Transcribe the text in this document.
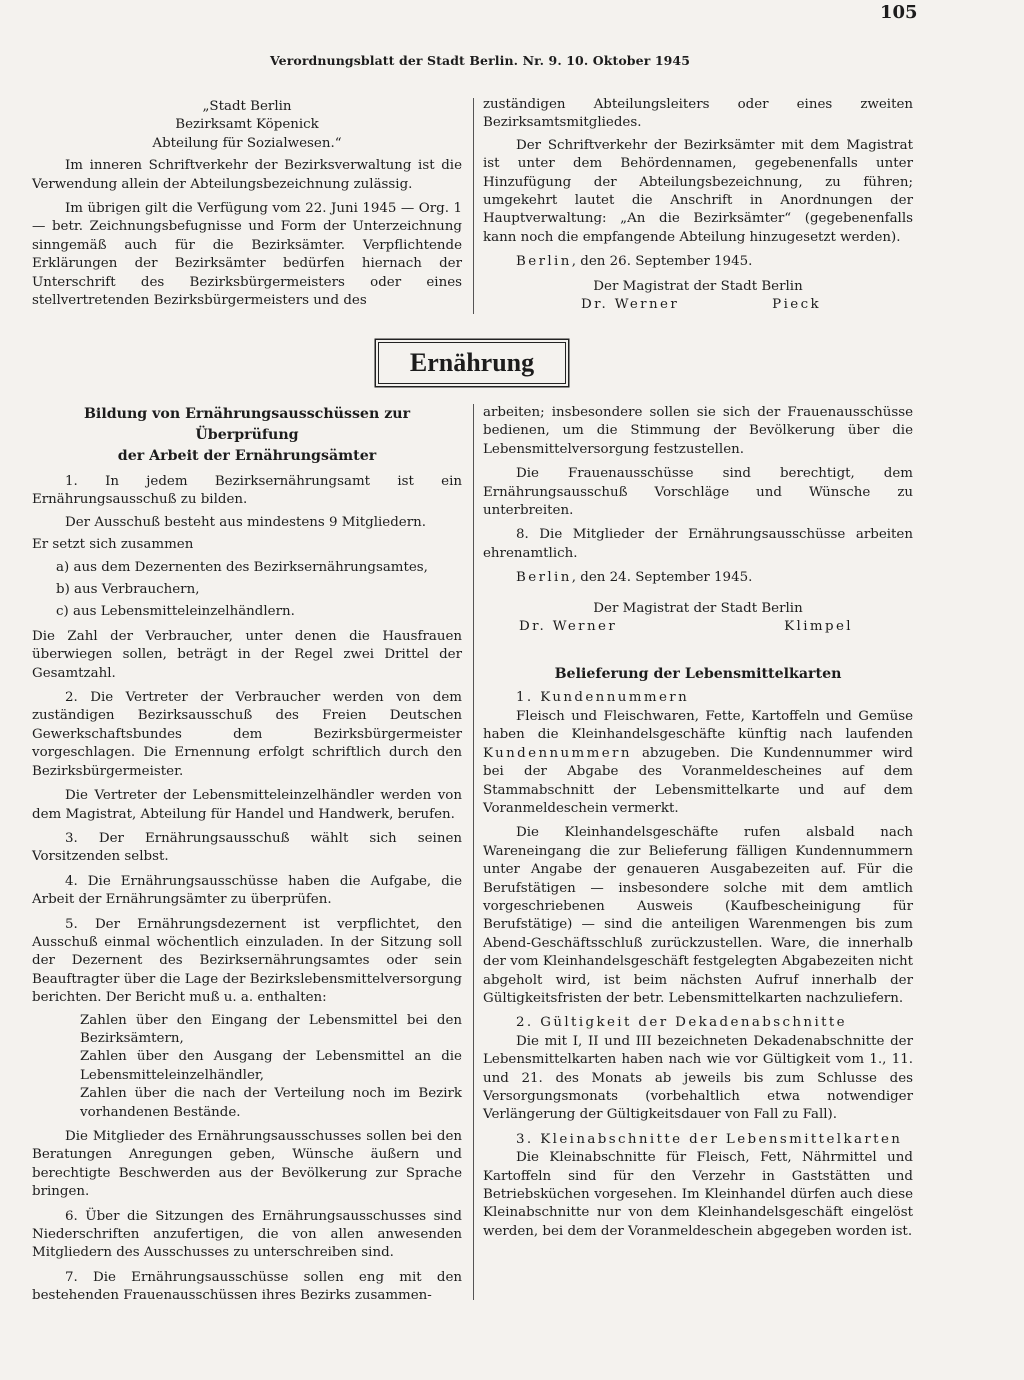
105
Verordnungsblatt der Stadt Berlin. Nr. 9. 10. Oktober 1945

„Stadt Berlin

Bezirksamt Köpenick

Abteilung für Sozialwesen.“

Im inneren Schriftverkehr der Bezirksverwaltung ist die Verwendung allein der Abteilungsbezeichnung zulässig.

Im übrigen gilt die Verfügung vom 22. Juni 1945 — Org. 1 — betr. Zeichnungsbefugnisse und Form der Unterzeichnung sinngemäß auch für die Bezirksämter. Verpflichtende Erklärungen der Bezirksämter bedürfen hiernach der Unterschrift des Bezirksbürgermeisters oder eines stellvertretenden Bezirksbürgermeisters und des

zuständigen Abteilungsleiters oder eines zweiten Bezirksamtsmitgliedes.

Der Schriftverkehr der Bezirksämter mit dem Magistrat ist unter dem Behördennamen, gegebenenfalls unter Hinzufügung der Abteilungsbezeichnung, zu führen; umgekehrt lautet die Anschrift in Anordnungen der Hauptverwaltung: „An die Bezirksämter“ (gegebenenfalls kann noch die empfangende Abteilung hinzugesetzt werden).

Berlin, den 26. September 1945.

Der Magistrat der Stadt Berlin

Dr. Werner	Pieck

Ernährung

Bildung von Ernährungsausschüssen zur Überprüfung

der Arbeit der Ernährungsämter

1. In jedem Bezirksernährungsamt ist ein Ernährungsausschuß zu bilden.

Der Ausschuß besteht aus mindestens 9 Mitgliedern.

Er setzt sich zusammen

a) aus dem Dezernenten des Bezirksernährungsamtes,

b) aus Verbrauchern,

c) aus Lebensmitteleinzelhändlern.

Die Zahl der Verbraucher, unter denen die Hausfrauen überwiegen sollen, beträgt in der Regel zwei Drittel der Gesamtzahl.

2. Die Vertreter der Verbraucher werden von dem zuständigen Bezirksausschuß des Freien Deutschen Gewerkschaftsbundes dem Bezirksbürgermeister vorgeschlagen. Die Ernennung erfolgt schriftlich durch den Bezirksbürgermeister.

Die Vertreter der Lebensmitteleinzelhändler werden von dem Magistrat, Abteilung für Handel und Handwerk, berufen.

3. Der Ernährungsausschuß wählt sich seinen Vorsitzenden selbst.

4. Die Ernährungsausschüsse haben die Aufgabe, die Arbeit der Ernährungsämter zu überprüfen.

5. Der Ernährungsdezernent ist verpflichtet, den Ausschuß einmal wöchentlich einzuladen. In der Sitzung soll der Dezernent des Bezirksernährungsamtes oder sein Beauftragter über die Lage der Bezirkslebensmittelversorgung berichten. Der Bericht muß u. a. enthalten:

Zahlen über den Eingang der Lebensmittel bei den Bezirksämtern,

Zahlen über den Ausgang der Lebensmittel an die Lebensmitteleinzelhändler,

Zahlen über die nach der Verteilung noch im Bezirk vorhandenen Bestände.

Die Mitglieder des Ernährungsausschusses sollen bei den Beratungen Anregungen geben, Wünsche äußern und berechtigte Beschwerden aus der Bevölkerung zur Sprache bringen.

6. Über die Sitzungen des Ernährungsausschusses sind Niederschriften anzufertigen, die von allen anwesenden Mitgliedern des Ausschusses zu unterschreiben sind.

7. Die Ernährungsausschüsse sollen eng mit den bestehenden Frauenausschüssen ihres Bezirks zusammen-

arbeiten; insbesondere sollen sie sich der Frauenausschüsse bedienen, um die Stimmung der Bevölkerung über die Lebensmittelversorgung festzustellen.

Die Frauenausschüsse sind berechtigt, dem Ernährungsausschuß Vorschläge und Wünsche zu unterbreiten.

8. Die Mitglieder der Ernährungsausschüsse arbeiten ehrenamtlich.

Berlin, den 24. September 1945.

Der Magistrat der Stadt Berlin

Dr. Werner	Klimpel

Belieferung der Lebensmittelkarten

1. Kundennummern

Fleisch und Fleischwaren, Fette, Kartoffeln und Gemüse haben die Kleinhandelsgeschäfte künftig nach laufenden Kundennummern abzugeben. Die Kundennummer wird bei der Abgabe des Voranmeldescheines auf dem Stammabschnitt der Lebensmittelkarte und auf dem Voranmeldeschein vermerkt.

Die Kleinhandelsgeschäfte rufen alsbald nach Wareneingang die zur Belieferung fälligen Kundennummern unter Angabe der genaueren Ausgabezeiten auf. Für die Berufstätigen — insbesondere solche mit dem amtlich vorgeschriebenen Ausweis (Kaufbescheinigung für Berufstätige) — sind die anteiligen Warenmengen bis zum Abend-Geschäftsschluß zurückzustellen. Ware, die innerhalb der vom Kleinhandelsgeschäft festgelegten Abgabezeiten nicht abgeholt wird, ist beim nächsten Aufruf innerhalb der Gültigkeitsfristen der betr. Lebensmittelkarten nachzuliefern.

2. Gültigkeit der Dekadenabschnitte

Die mit I, II und III bezeichneten Dekadenabschnitte der Lebensmittelkarten haben nach wie vor Gültigkeit vom 1., 11. und 21. des Monats ab jeweils bis zum Schlusse des Versorgungsmonats (vorbehaltlich etwa notwendiger Verlängerung der Gültigkeitsdauer von Fall zu Fall).

3. Kleinabschnitte der Lebensmittelkarten

Die Kleinabschnitte für Fleisch, Fett, Nährmittel und Kartoffeln sind für den Verzehr in Gaststätten und Betriebsküchen vorgesehen. Im Kleinhandel dürfen auch diese Kleinabschnitte nur von dem Kleinhandelsgeschäft eingelöst werden, bei dem der Voranmeldeschein abgegeben worden ist.
